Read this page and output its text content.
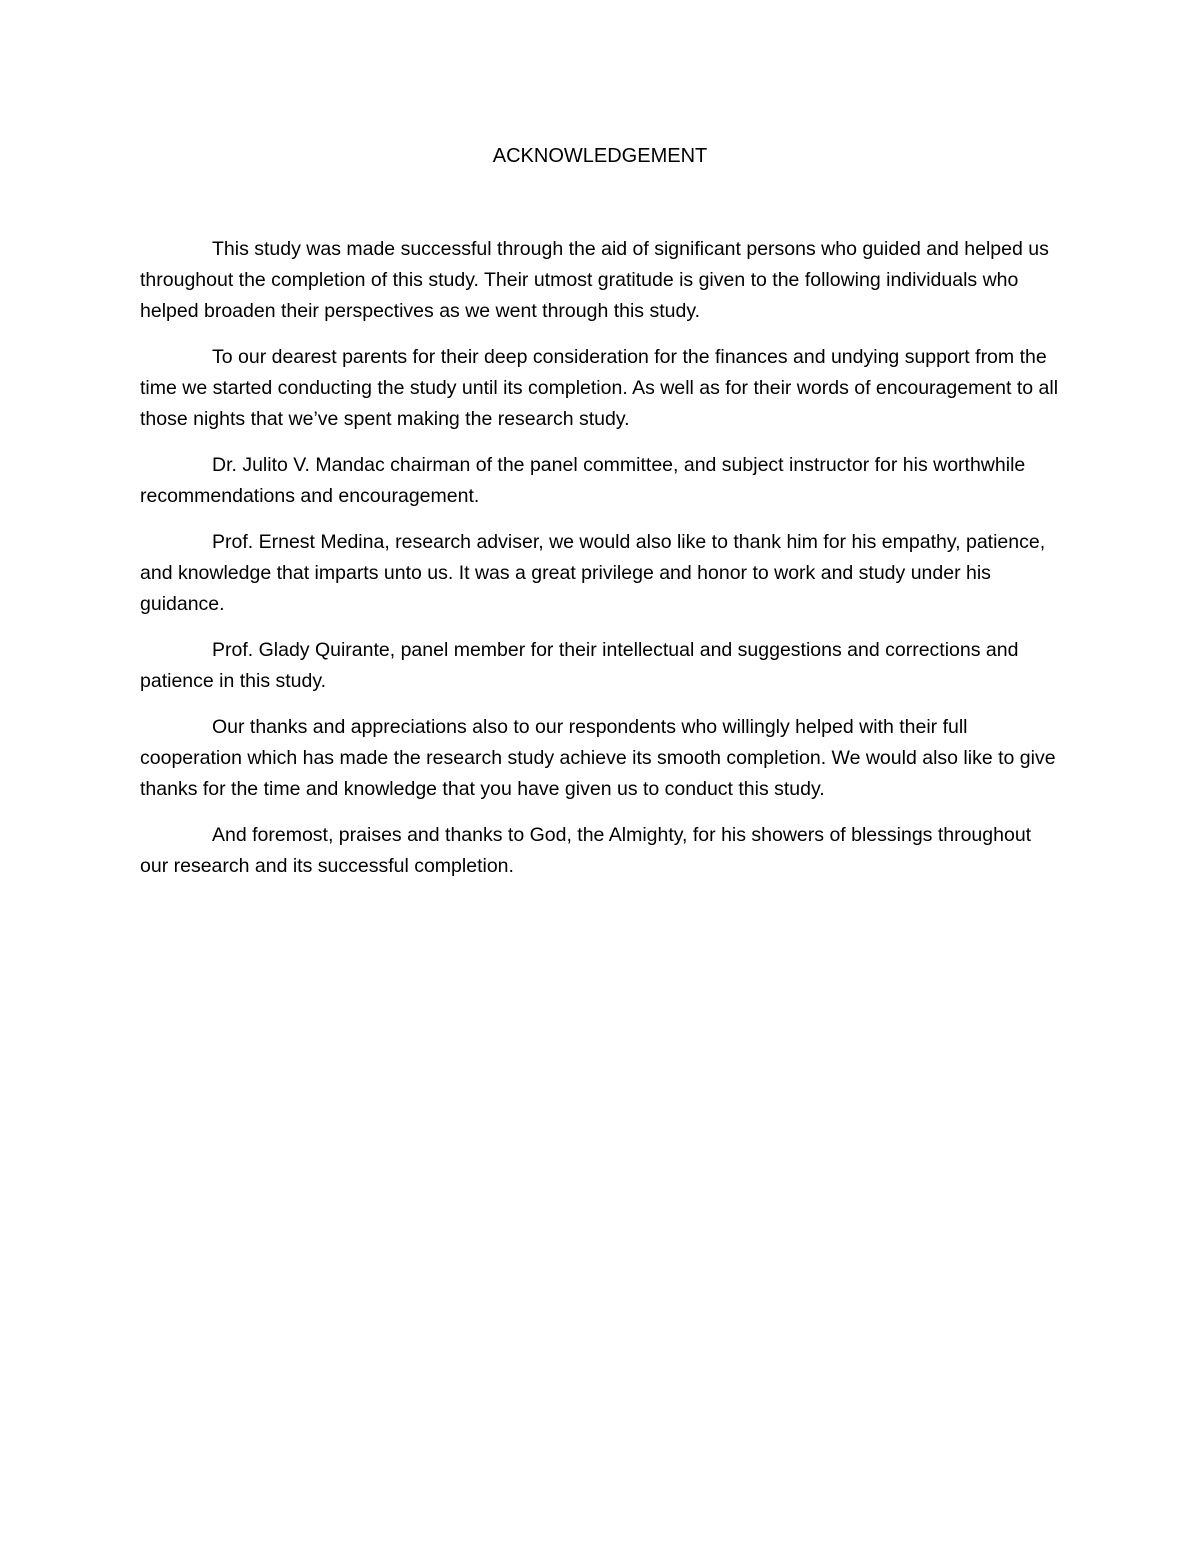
ACKNOWLEDGEMENT

This study was made successful through the aid of significant persons who guided and helped us throughout the completion of this study. Their utmost gratitude is given to the following individuals who helped broaden their perspectives as we went through this study.

To our dearest parents for their deep consideration for the finances and undying support from the time we started conducting the study until its completion. As well as for their words of encouragement to all those nights that we’ve spent making the research study.

Dr. Julito V. Mandac chairman of the panel committee, and subject instructor for his worthwhile recommendations and encouragement.

Prof. Ernest Medina, research adviser, we would also like to thank him for his empathy, patience, and knowledge that imparts unto us. It was a great privilege and honor to work and study under his guidance.

Prof. Glady Quirante, panel member for their intellectual and suggestions and corrections and patience in this study.

Our thanks and appreciations also to our respondents who willingly helped with their full cooperation which has made the research study achieve its smooth completion. We would also like to give thanks for the time and knowledge that you have given us to conduct this study.

And foremost, praises and thanks to God, the Almighty, for his showers of blessings throughout our research and its successful completion.
